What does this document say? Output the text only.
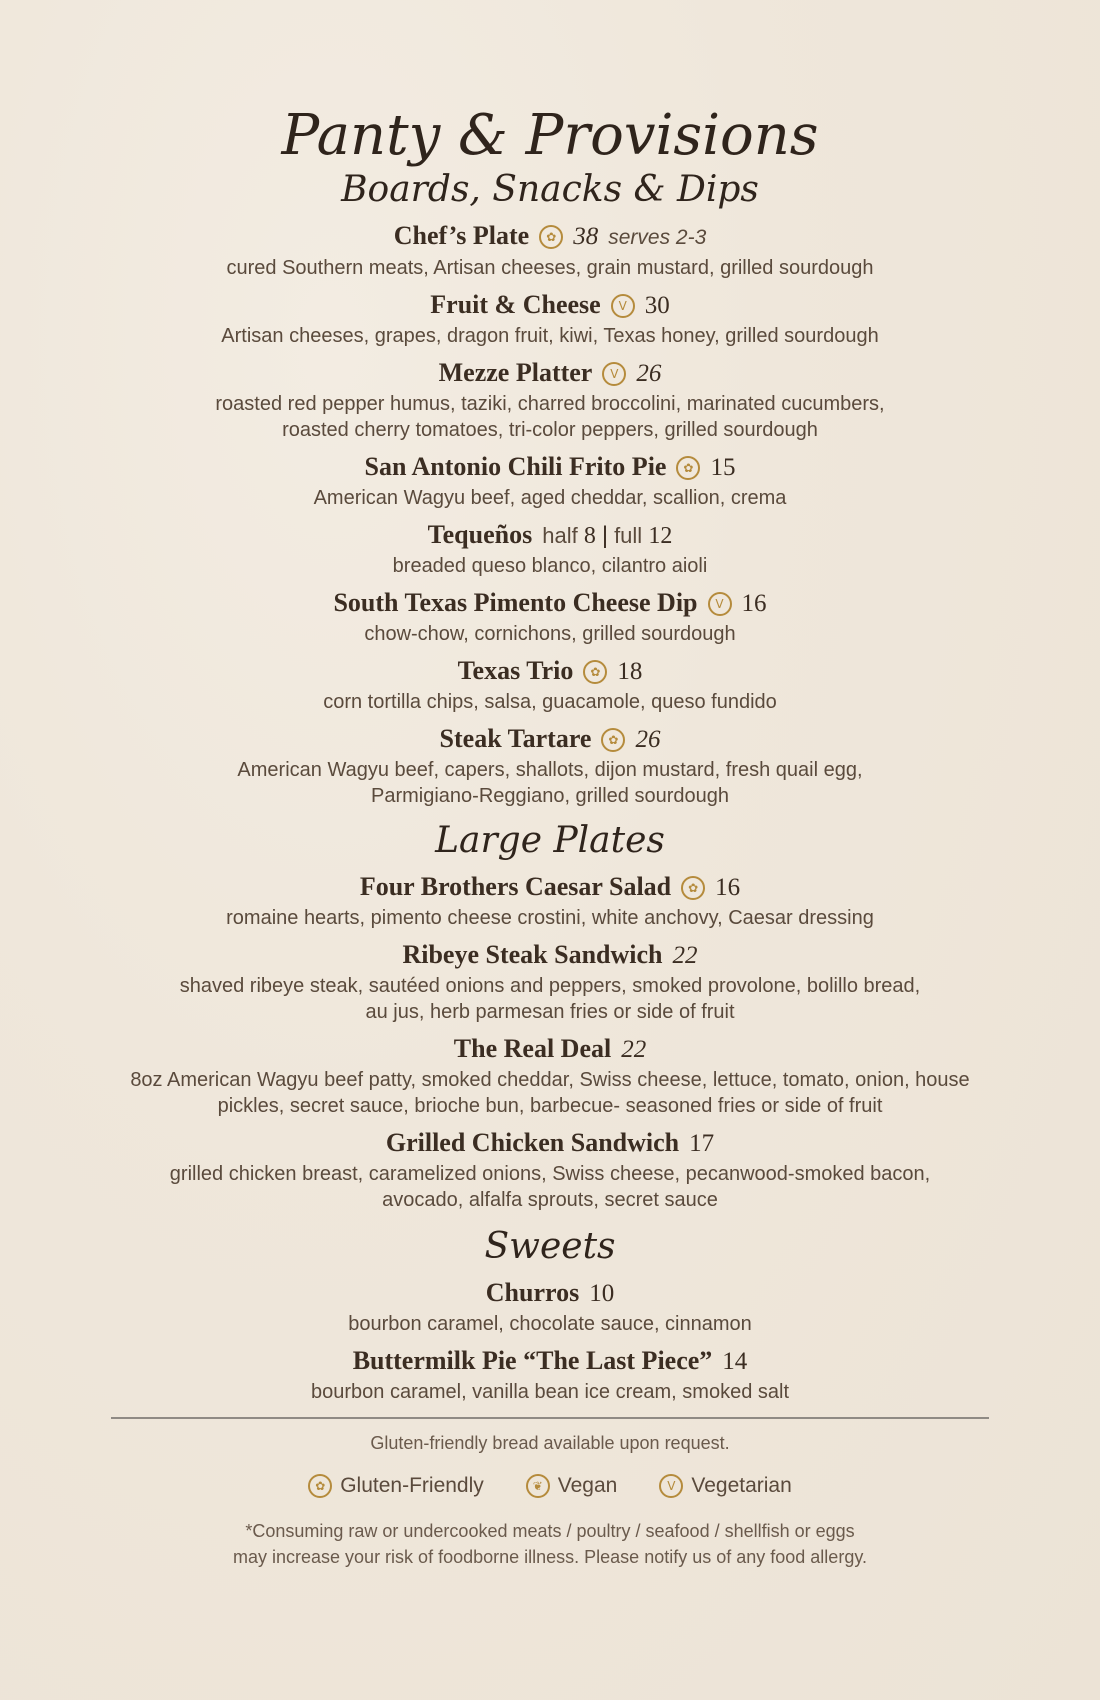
Panty & Provisions
Boards, Snacks & Dips
Chef’s Plate ✿ 38 serves 2-3
cured Southern meats, Artisan cheeses, grain mustard, grilled sourdough
Fruit & Cheese V 30
Artisan cheeses, grapes, dragon fruit, kiwi, Texas honey, grilled sourdough
Mezze Platter V 26
roasted red pepper humus, taziki, charred broccolini, marinated cucumbers,
roasted cherry tomatoes, tri-color peppers, grilled sourdough
San Antonio Chili Frito Pie ✿ 15
American Wagyu beef, aged cheddar, scallion, crema
Tequeños half 8 | full 12
breaded queso blanco, cilantro aioli
South Texas Pimento Cheese Dip V 16
chow-chow, cornichons, grilled sourdough
Texas Trio ✿ 18
corn tortilla chips, salsa, guacamole, queso fundido
Steak Tartare ✿ 26
American Wagyu beef, capers, shallots, dijon mustard, fresh quail egg,
Parmigiano-Reggiano, grilled sourdough
Large Plates
Four Brothers Caesar Salad ✿ 16
romaine hearts, pimento cheese crostini, white anchovy, Caesar dressing
Ribeye Steak Sandwich 22
shaved ribeye steak, sautéed onions and peppers, smoked provolone, bolillo bread,
au jus, herb parmesan fries or side of fruit
The Real Deal 22
8oz American Wagyu beef patty, smoked cheddar, Swiss cheese, lettuce, tomato, onion, house
pickles, secret sauce, brioche bun, barbecue- seasoned fries or side of fruit
Grilled Chicken Sandwich 17
grilled chicken breast, caramelized onions, Swiss cheese, pecanwood-smoked bacon,
avocado, alfalfa sprouts, secret sauce
Sweets
Churros 10
bourbon caramel, chocolate sauce, cinnamon
Buttermilk Pie “The Last Piece” 14
bourbon caramel, vanilla bean ice cream, smoked salt
Gluten-friendly bread available upon request.
✿ Gluten-Friendly	❦ Vegan	V Vegetarian
*Consuming raw or undercooked meats / poultry / seafood / shellfish or eggs
may increase your risk of foodborne illness. Please notify us of any food allergy.
